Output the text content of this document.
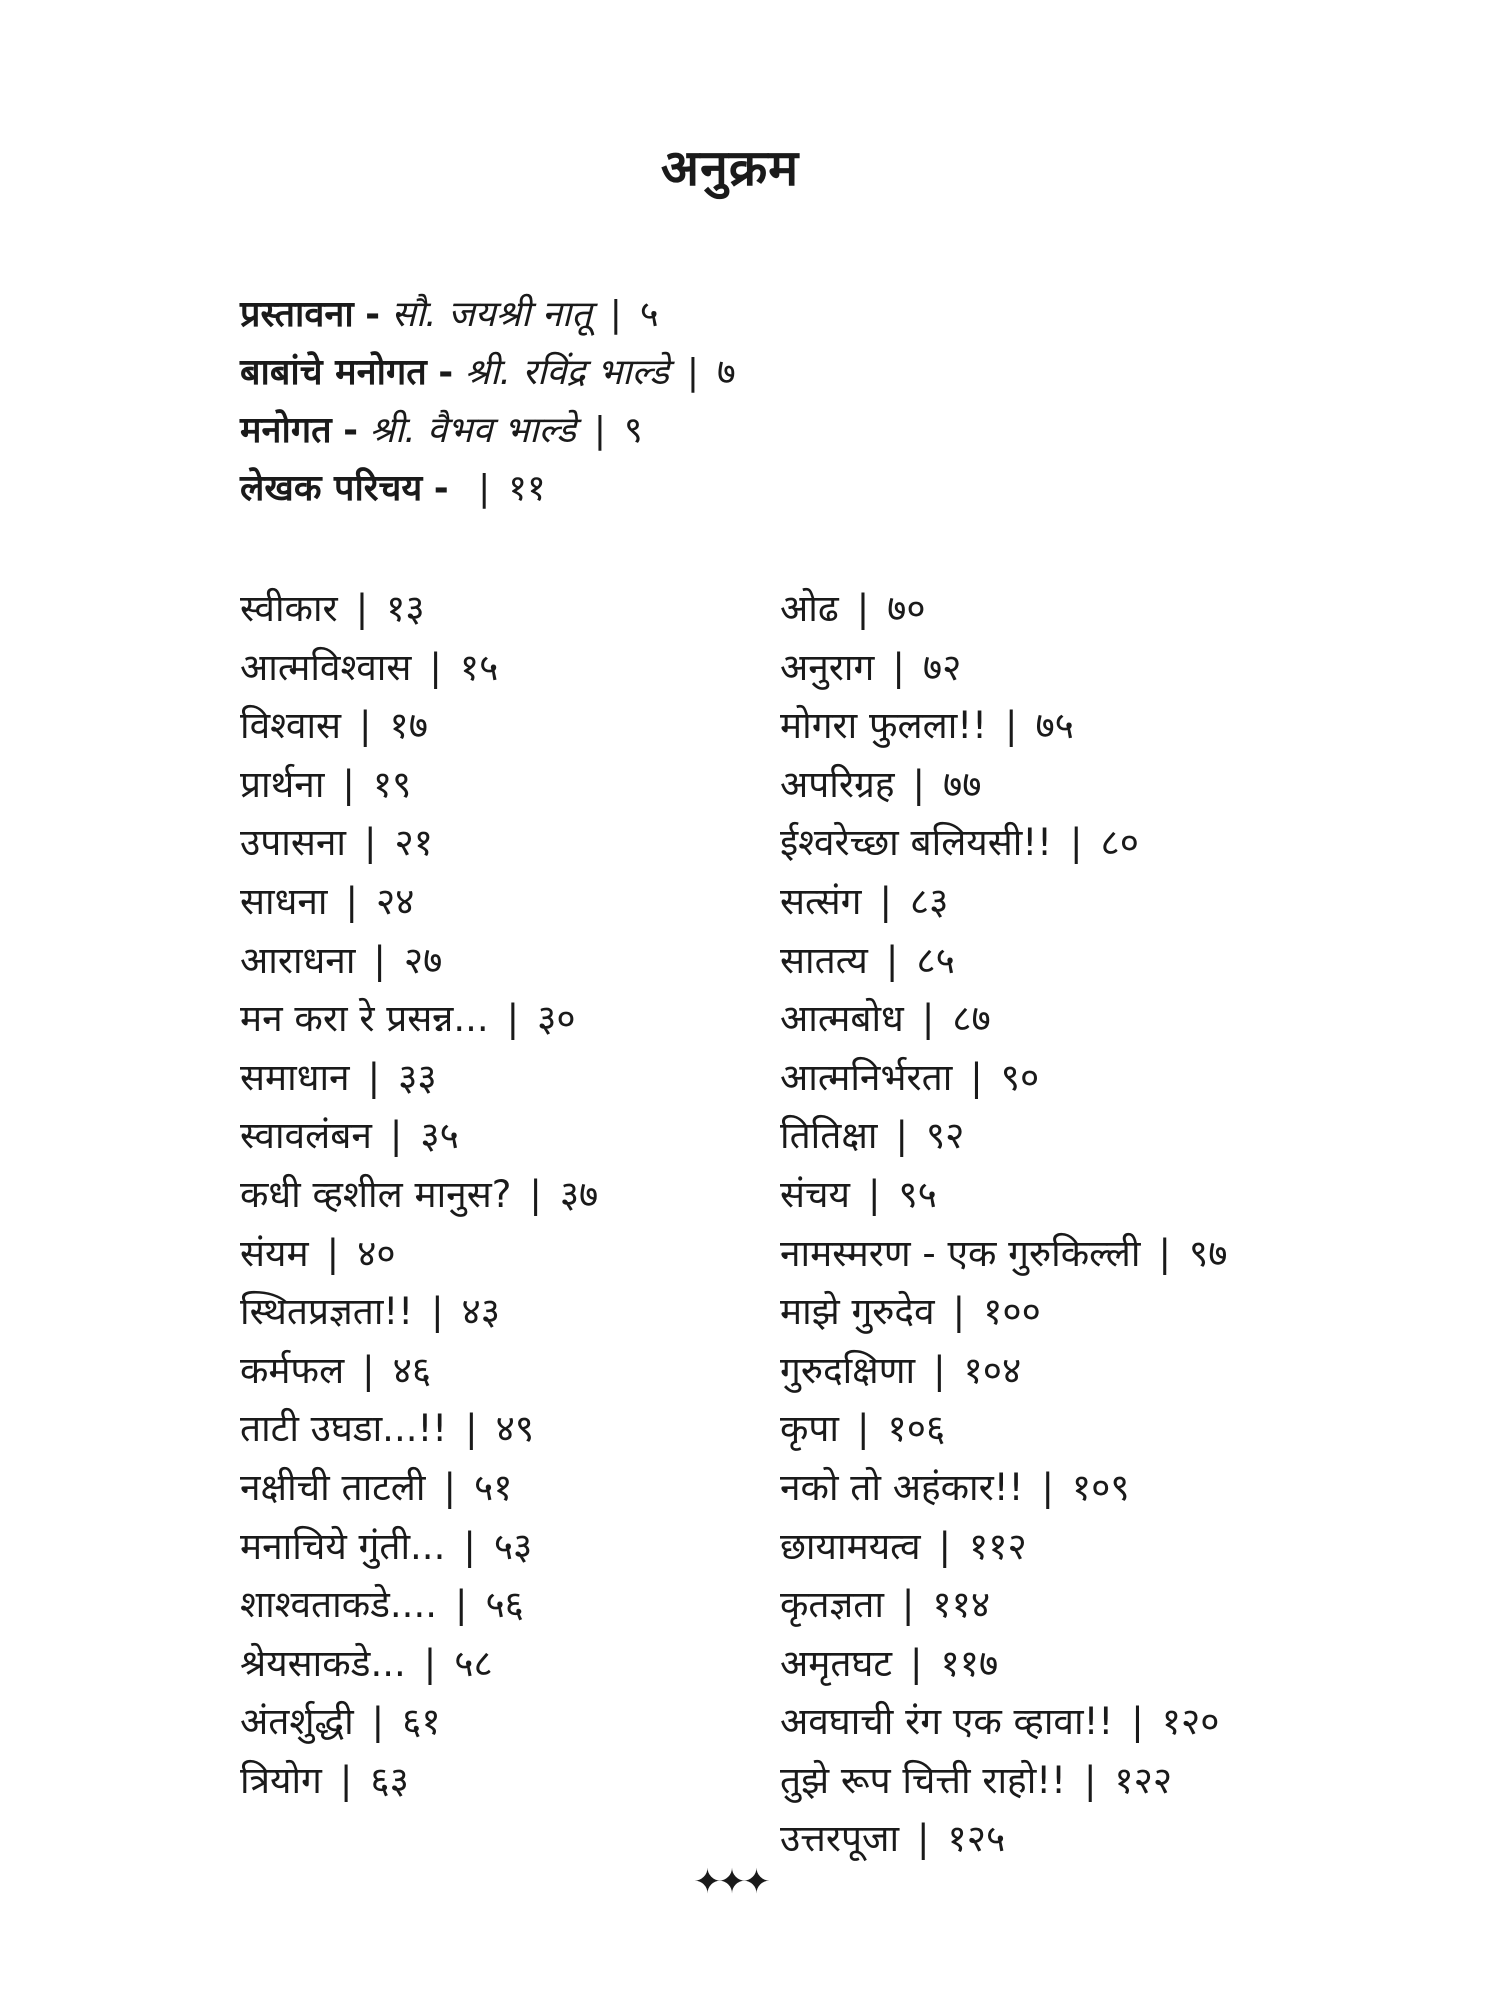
अनुक्रम
प्रस्तावना - सौ. जयश्री नातू | ५
बाबांचे मनोगत - श्री. रविंद्र भाल्डे | ७
मनोगत - श्री. वैभव भाल्डे | ९
लेखक परिचय - | ११
स्वीकार | १३
आत्मविश्वास | १५
विश्वास | १७
प्रार्थना | १९
उपासना | २१
साधना | २४
आराधना | २७
मन करा रे प्रसन्न... | ३०
समाधान | ३३
स्वावलंबन | ३५
कधी व्हशील मानुस? | ३७
संयम | ४०
स्थितप्रज्ञता!! | ४३
कर्मफल | ४६
ताटी उघडा...!! | ४९
नक्षीची ताटली | ५१
मनाचिये गुंती... | ५३
शाश्वताकडे.... | ५६
श्रेयसाकडे... | ५८
अंतर्शुद्धी | ६१
त्रियोग | ६३
ओढ | ७०
अनुराग | ७२
मोगरा फुलला!! | ७५
अपरिग्रह | ७७
ईश्वरेच्छा बलियसी!! | ८०
सत्संग | ८३
सातत्य | ८५
आत्मबोध | ८७
आत्मनिर्भरता | ९०
तितिक्षा | ९२
संचय | ९५
नामस्मरण - एक गुरुकिल्ली | ९७
माझे गुरुदेव | १००
गुरुदक्षिणा | १०४
कृपा | १०६
नको तो अहंकार!! | १०९
छायामयत्व | ११२
कृतज्ञता | ११४
अमृतघट | ११७
अवघाची रंग एक व्हावा!! | १२०
तुझे रूप चित्ती राहो!! | १२२
उत्तरपूजा | १२५
✦✦✦
